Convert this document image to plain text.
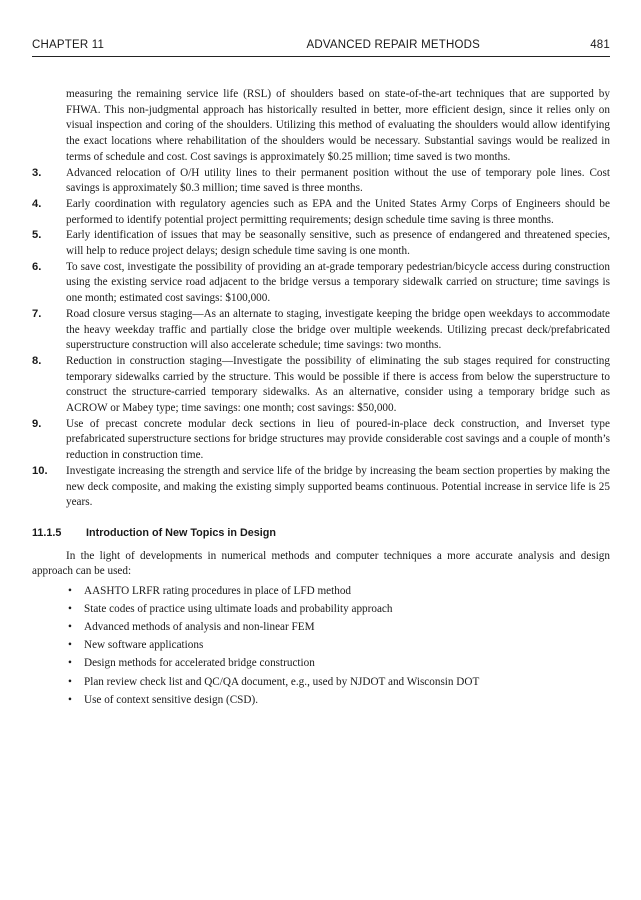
CHAPTER 11	ADVANCED REPAIR METHODS	481

measuring the remaining service life (RSL) of shoulders based on state-of-the-art techniques that are supported by FHWA. This non-judgmental approach has historically resulted in better, more efficient design, since it relies only on visual inspection and coring of the shoulders. Utilizing this method of evaluating the shoulders would allow identifying the exact locations where rehabilitation of the shoulders would be necessary. Substantial savings would be realized in terms of schedule and cost. Cost savings is approximately $0.25 million; time saved is two months.

3.	Advanced relocation of O/H utility lines to their permanent position without the use of temporary pole lines. Cost savings is approximately $0.3 million; time saved is three months.
4.	Early coordination with regulatory agencies such as EPA and the United States Army Corps of Engineers should be performed to identify potential project permitting requirements; design schedule time saving is three months.
5.	Early identification of issues that may be seasonally sensitive, such as presence of endangered and threatened species, will help to reduce project delays; design schedule time saving is one month.
6.	To save cost, investigate the possibility of providing an at-grade temporary pedestrian/bicycle access during construction using the existing service road adjacent to the bridge versus a temporary sidewalk carried on structure; time savings is one month; estimated cost savings: $100,000.
7.	Road closure versus staging—As an alternate to staging, investigate keeping the bridge open weekdays to accommodate the heavy weekday traffic and partially close the bridge over multiple weekends. Utilizing precast deck/prefabricated superstructure construction will also accelerate schedule; time savings: two months.
8.	Reduction in construction staging—Investigate the possibility of eliminating the sub stages required for constructing temporary sidewalks carried by the structure. This would be possible if there is access from below the superstructure to construct the structure-carried temporary sidewalks. As an alternative, consider using a temporary bridge such as ACROW or Mabey type; time savings: one month; cost savings: $50,000.
9.	Use of precast concrete modular deck sections in lieu of poured-in-place deck construction, and Inverset type prefabricated superstructure sections for bridge structures may provide considerable cost savings and a couple of month’s reduction in construction time.
10.	Investigate increasing the strength and service life of the bridge by increasing the beam section properties by making the new deck composite, and making the existing simply supported beams continuous. Potential increase in service life is 25 years.
11.1.5 Introduction of New Topics in Design

In the light of developments in numerical methods and computer techniques a more accurate analysis and design approach can be used:

• AASHTO LRFR rating procedures in place of LFD method
• State codes of practice using ultimate loads and probability approach
• Advanced methods of analysis and non-linear FEM
• New software applications
• Design methods for accelerated bridge construction
• Plan review check list and QC/QA document, e.g., used by NJDOT and Wisconsin DOT
• Use of context sensitive design (CSD).
